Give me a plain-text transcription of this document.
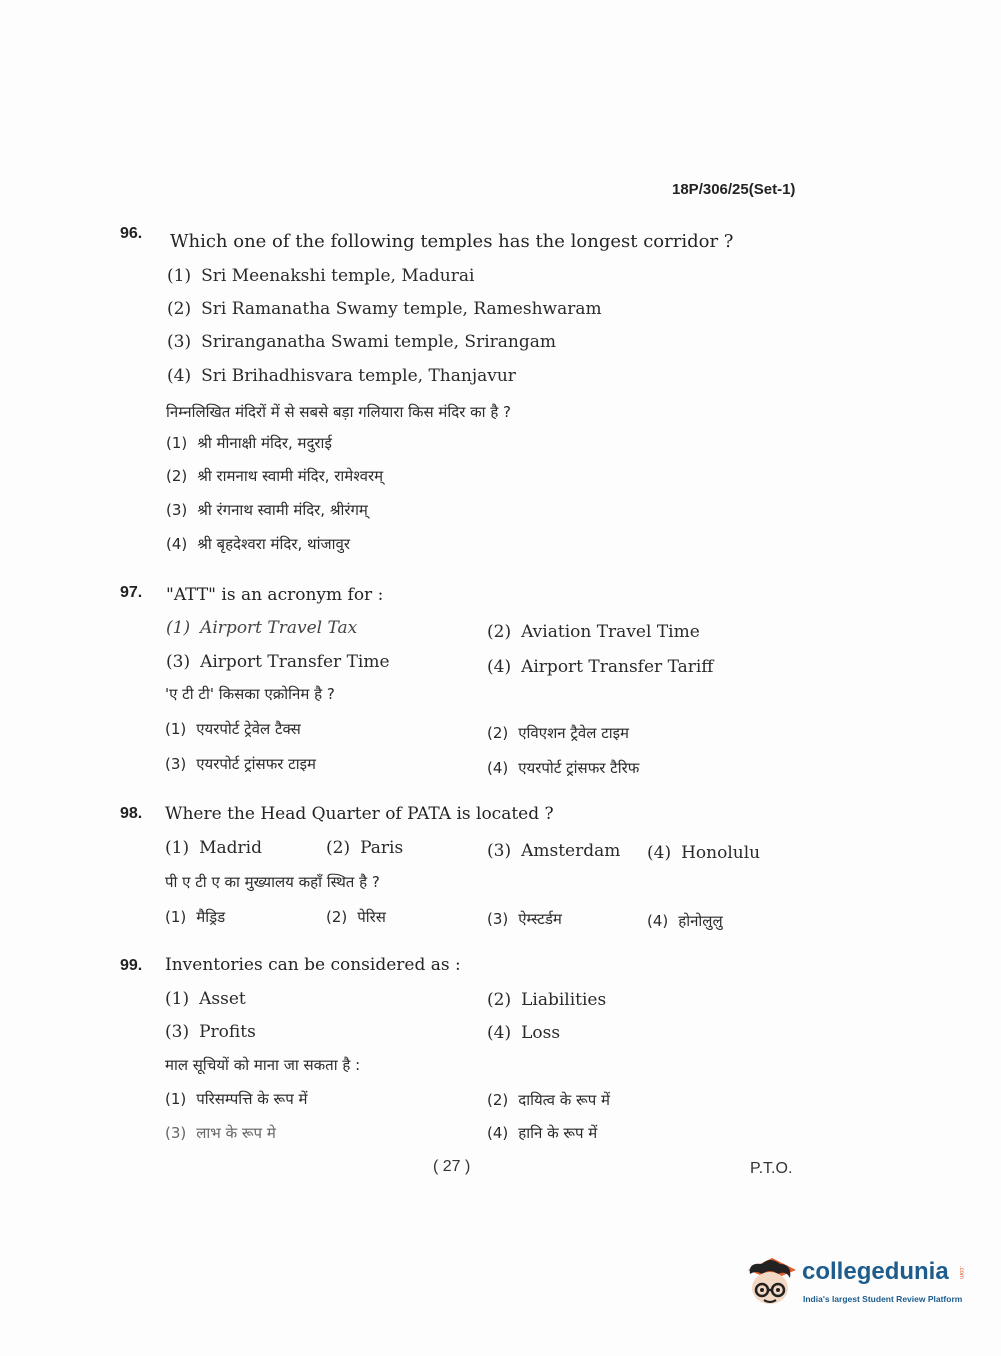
18P/306/25(Set-1)
96. Which one of the following temples has the longest corridor ?
(1) Sri Meenakshi temple, Madurai
(2) Sri Ramanatha Swamy temple, Rameshwaram
(3) Sriranganatha Swami temple, Srirangam
(4) Sri Brihadhisvara temple, Thanjavur
निम्नलिखित मंदिरों में से सबसे बड़ा गलियारा किस मंदिर का है ?
(1) श्री मीनाक्षी मंदिर, मदुराई
(2) श्री रामनाथ स्वामी मंदिर, रामेश्वरम्
(3) श्री रंगनाथ स्वामी मंदिर, श्रीरंगम्
(4) श्री बृहदेश्वरा मंदिर, थांजावुर
97. "ATT" is an acronym for :
(1) Airport Travel Tax	(2) Aviation Travel Time
(3) Airport Transfer Time	(4) Airport Transfer Tariff
'ए टी टी' किसका एक्रोनिम है ?
(1) एयरपोर्ट ट्रेवेल टैक्स	(2) एविएशन ट्रैवेल टाइम
(3) एयरपोर्ट ट्रांसफर टाइम	(4) एयरपोर्ट ट्रांसफर टैरिफ
98. Where the Head Quarter of PATA is located ?
(1) Madrid	(2) Paris	(3) Amsterdam (4) Honolulu
पी ए टी ए का मुख्यालय कहाँ स्थित है ?
(1) मैड्रिड	(2) पेरिस	(3) ऐम्स्टर्डम	(4) होनोलुलु
99. Inventories can be considered as :
(1) Asset	(2) Liabilities
(3) Profits	(4) Loss
माल सूचियों को माना जा सकता है :
(1) परिसम्पत्ति के रूप में	(2) दायित्व के रूप में
(3) लाभ के रूप मे	(4) हानि के रूप में
( 27 )	P.T.O.
collegedunia .com
India's largest Student Review Platform
